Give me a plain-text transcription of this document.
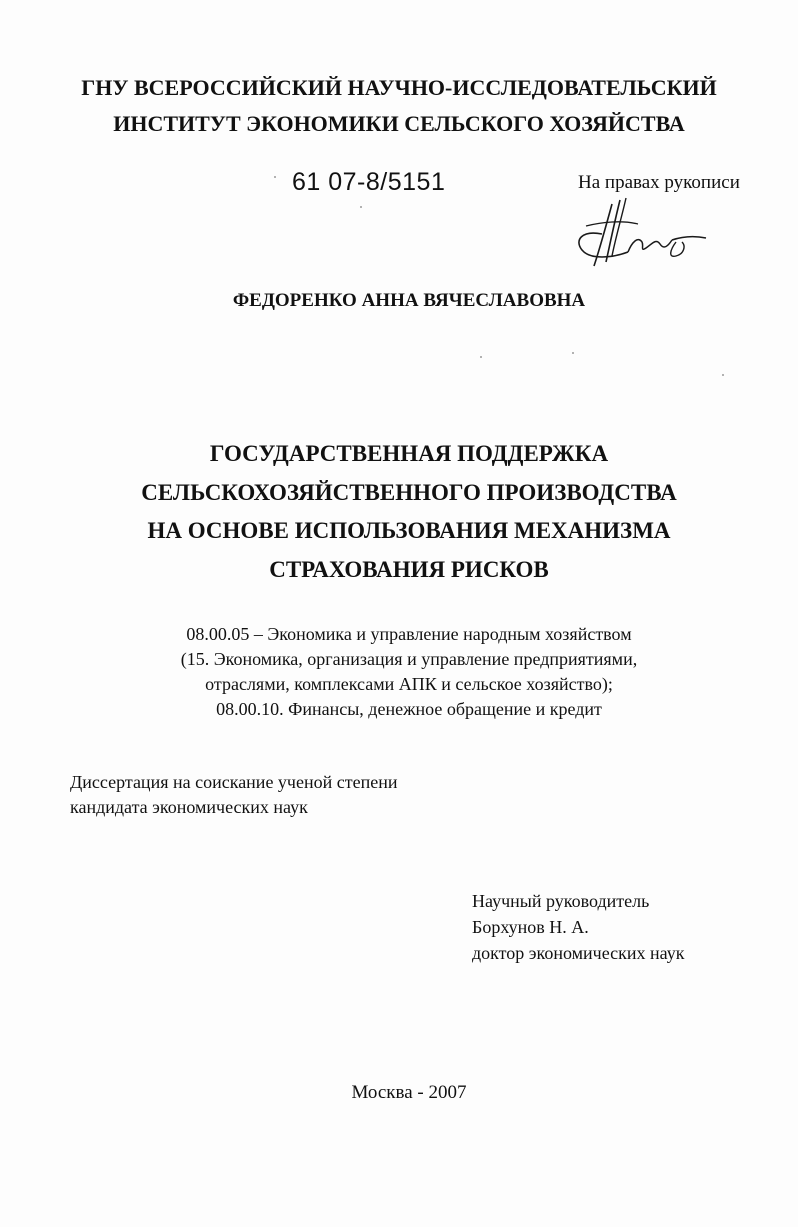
ГНУ ВСЕРОССИЙСКИЙ НАУЧНО-ИССЛЕДОВАТЕЛЬСКИЙ
ИНСТИТУТ ЭКОНОМИКИ СЕЛЬСКОГО ХОЗЯЙСТВА
61 07-8/5151	На правах рукописи
ФЕДОРЕНКО АННА ВЯЧЕСЛАВОВНА
ГОСУДАРСТВЕННАЯ ПОДДЕРЖКА
СЕЛЬСКОХОЗЯЙСТВЕННОГО ПРОИЗВОДСТВА
НА ОСНОВЕ ИСПОЛЬЗОВАНИЯ МЕХАНИЗМА
СТРАХОВАНИЯ РИСКОВ
08.00.05 – Экономика и управление народным хозяйством
(15. Экономика, организация и управление предприятиями,
отраслями, комплексами АПК и сельское хозяйство);
08.00.10. Финансы, денежное обращение и кредит
Диссертация на соискание ученой степени
кандидата экономических наук
Научный руководитель
Борхунов Н. А.
доктор экономических наук
Москва - 2007
